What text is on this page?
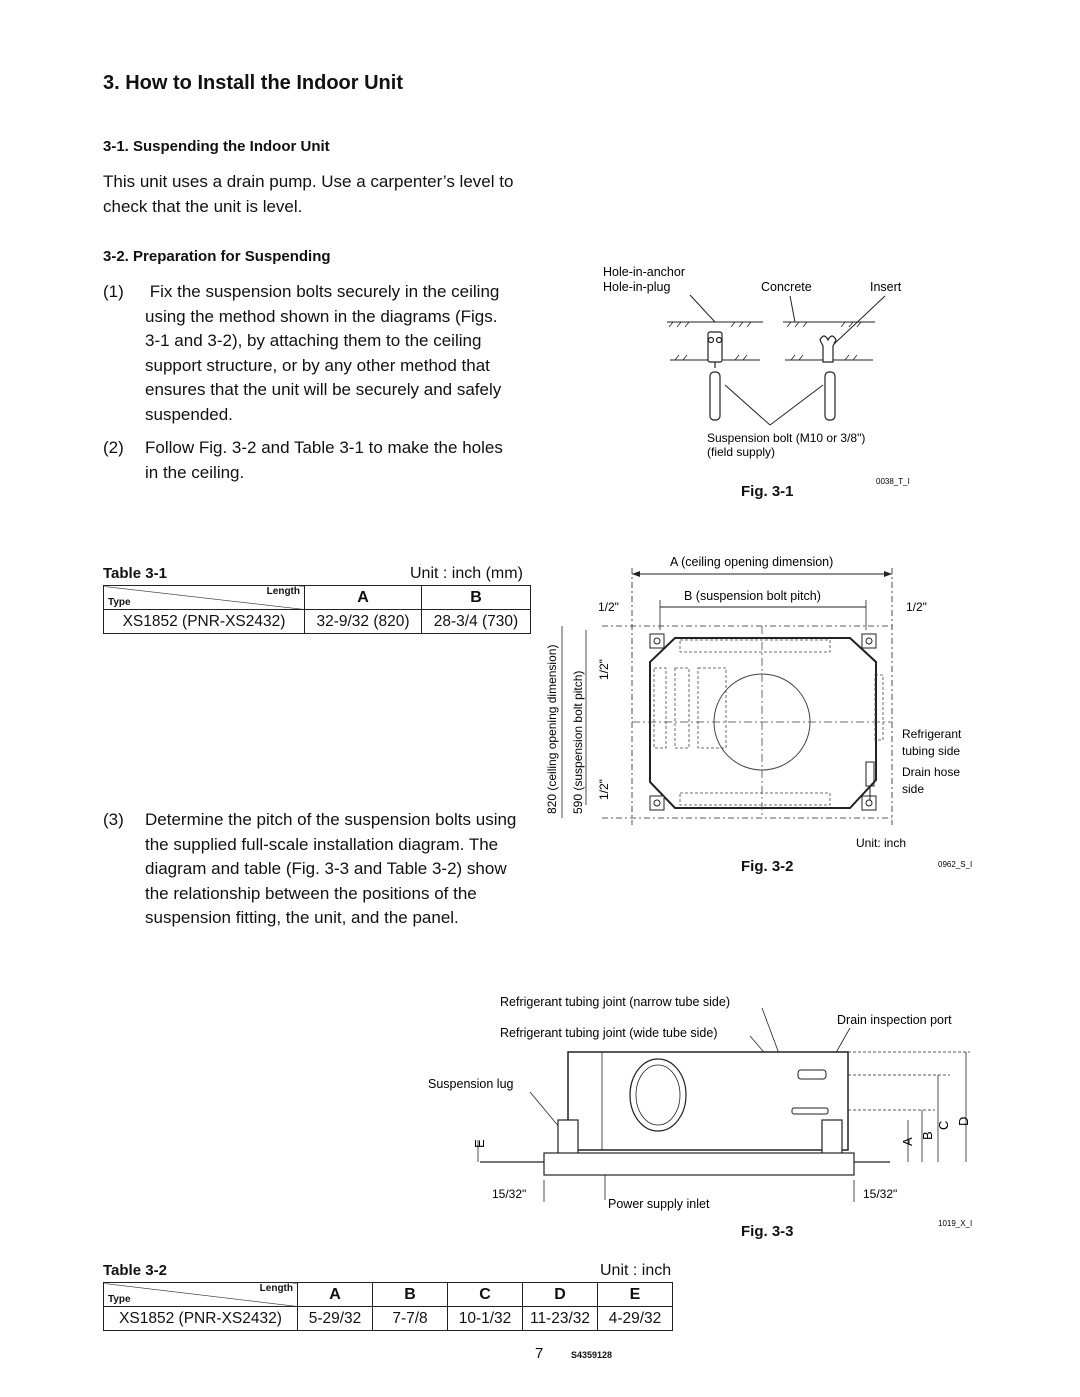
3. How to Install the Indoor Unit
3-1. Suspending the Indoor Unit
This unit uses a drain pump. Use a carpenter’s level to
check that the unit is level.
3-2. Preparation for Suspending
(1) Fix the suspension bolts securely in the ceiling
using the method shown in the diagrams (Figs.
3-1 and 3-2), by attaching them to the ceiling
support structure, or by any other method that
ensures that the unit will be securely and safely
suspended.
(2) Follow Fig. 3-2 and Table 3-1 to make the holes
in the ceiling.
(3) Determine the pitch of the suspension bolts using
the supplied full-scale installation diagram. The
diagram and table (Fig. 3-3 and Table 3-2) show
the relationship between the positions of the
suspension fitting, the unit, and the panel.
Table 3-1	Unit : inch (mm)
Type
Length	A	B
XS1852 (PNR-XS2432)	32-9/32 (820)	28-3/4 (730)
Table 3-2	Unit : inch
Type
Length	A	B	C	D	E
XS1852 (PNR-XS2432)	5-29/32	7-7/8	10-1/32	11-23/32	4-29/32
Hole-in-anchor
Hole-in-plug	Concrete	Insert
Suspension bolt (M10 or 3/8")
(field supply)
0038_T_I
Fig. 3-1
A (ceiling opening dimension)
B (suspension bolt pitch)
1/2"	1/2"
820 (ceiling opening dimension) 590 (suspension bolt pitch)
1/2"
1/2"
Refrigerant
tubing side
Drain hose
side
Unit: inch
0962_S_I
Fig. 3-2
Refrigerant tubing joint (narrow tube side)
Refrigerant tubing joint (wide tube side)
Drain inspection port
Suspension lug
A
B
C D
E
15/32"	15/32"
Power supply inlet
1019_X_I
Fig. 3-3
7	S4359128
